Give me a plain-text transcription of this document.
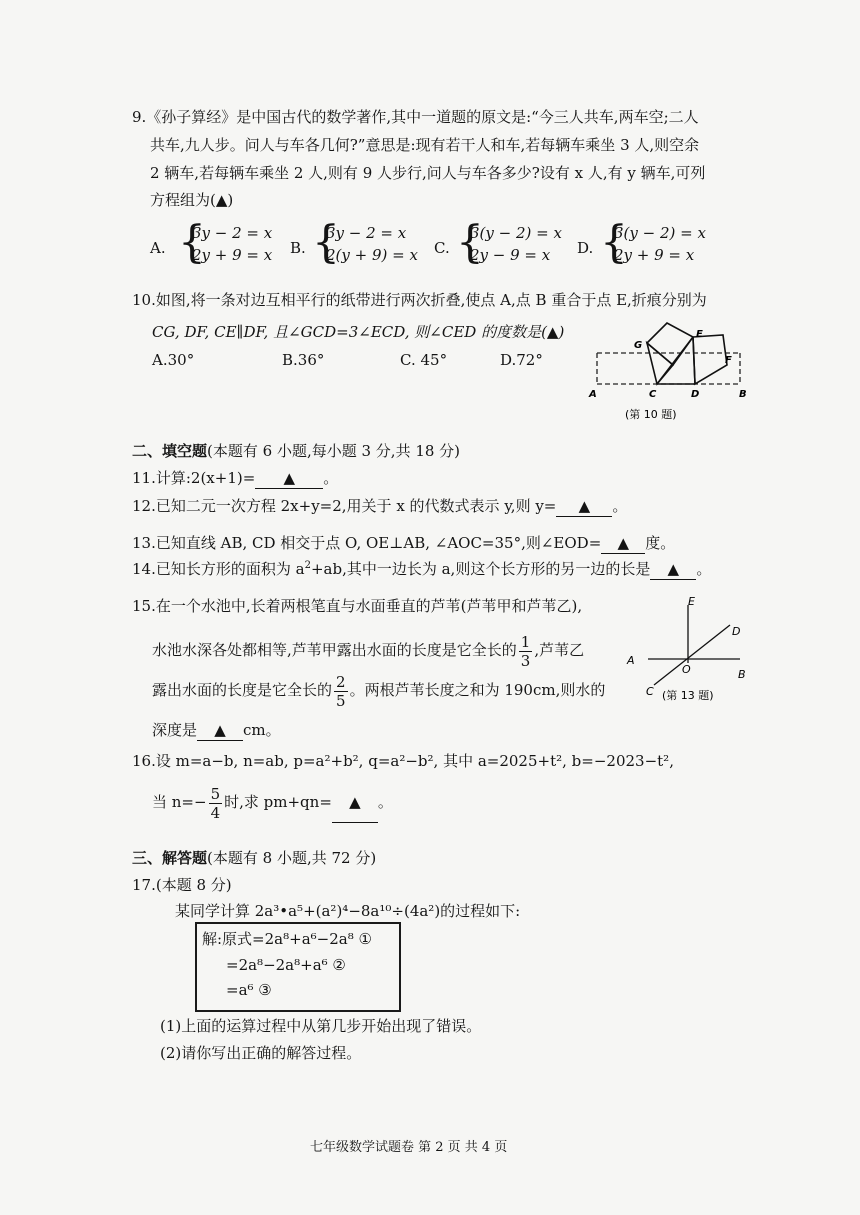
9.《孙子算经》是中国古代的数学著作,其中一道题的原文是:“今三人共车,两车空;二人
共车,九人步。问人与车各几何?”意思是:现有若干人和车,若每辆车乘坐 3 人,则空余
2 辆车,若每辆车乘坐 2 人,则有 9 人步行,问人与车各多少?设有 x 人,有 y 辆车,可列
方程组为(▲)
A. {
3y − 2 = x
2y + 9 = x B. {
3y − 2 = x
2(y + 9) = x C. {
3(y − 2) = x
2y − 9 = x	D. {
3(y − 2) = x
2y + 9 = x
10.如图,将一条对边互相平行的纸带进行两次折叠,使点 A,点 B 重合于点 E,折痕分别为
CG, DF, CE∥DF, 且∠GCD=3∠ECD, 则∠CED 的度数是(▲)
A.30°	B.36°	C. 45°	D.72°
G
E
F
A	C	D	B
(第 10 题)
二、填空题(本题有 6 小题,每小题 3 分,共 18 分)
11.计算:2(x+1)= ▲ 。
12.已知二元一次方程 2x+y=2,用关于 x 的代数式表示 y,则 y= ▲ 。
13.已知直线 AB, CD 相交于点 O, OE⊥AB, ∠AOC=35°,则∠EOD= ▲ 度。
14.已知长方形的面积为 $a^2+ab$,其中一边长为 a,则这个长方形的另一边的长是 ▲ 。
15.在一个水池中,长着两根笔直与水面垂直的芦苇(芦苇甲和芦苇乙),
水池水深各处都相等,芦苇甲露出水面的长度是它全长的 $\frac{1}{3}$ ,芦苇乙
露出水面的长度是它全长的 $\frac{2}{5}$ 。两根芦苇长度之和为 190cm,则水的
深度是 ▲ cm。
E
D
A
O	B
C (第 13 题)
16.设 m=a−b, n=ab, p=a²+b², q=a²−b², 其中 a=2025+t², b=−2023−t²,
当 $n=- \frac{5}{4}$ 时,求 pm+qn= ▲ 。
三、解答题(本题有 8 小题,共 72 分)
17.(本题 8 分)
某同学计算 2a³•a⁵+(a²)⁴−8a¹⁰÷(4a²)的过程如下:
解:原式=2a⁸+a⁶−2a⁸ ①
=2a⁸−2a⁸+a⁶ ②
=a⁶ ③
(1)上面的运算过程中从第几步开始出现了错误。
(2)请你写出正确的解答过程。
七年级数学试题卷 第 2 页 共 4 页
